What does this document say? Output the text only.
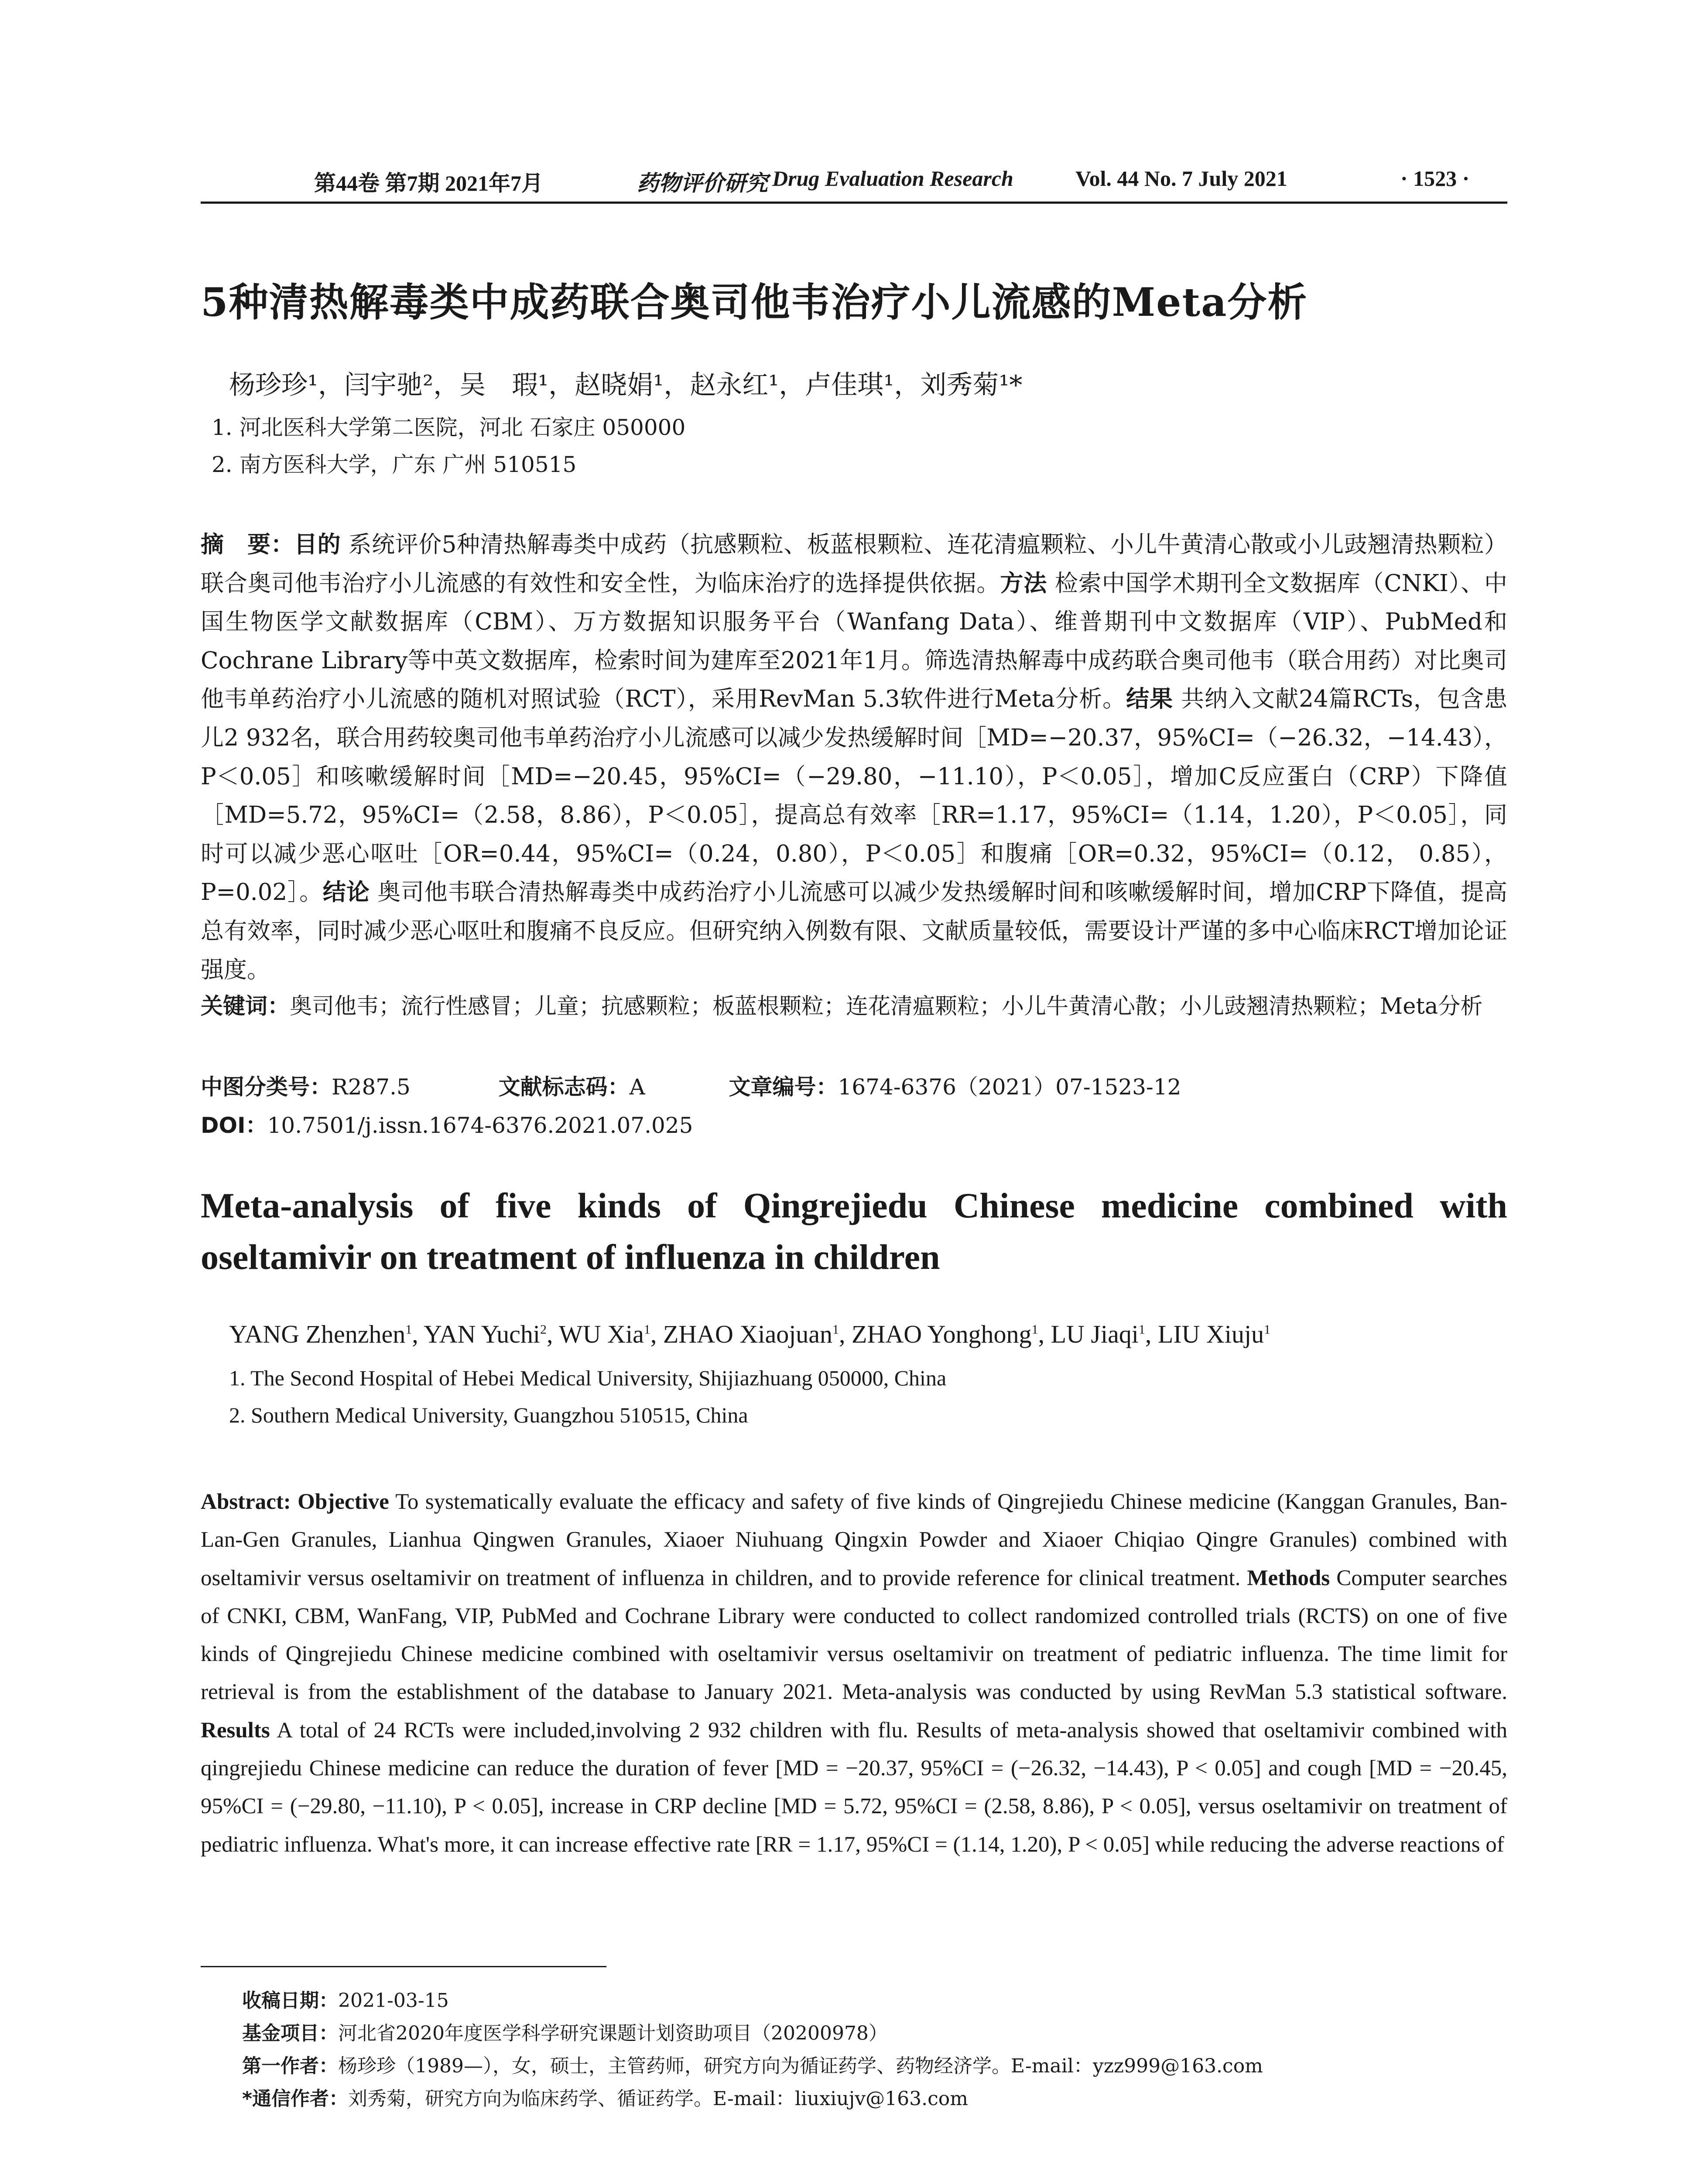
第44卷 第7期 2021年7月	药物评价研究 Drug Evaluation Research	Vol. 44 No. 7 July 2021	· 1523 ·
5种清热解毒类中成药联合奥司他韦治疗小儿流感的Meta分析
杨珍珍¹，闫宇驰²，吴　瑕¹，赵晓娟¹，赵永红¹，卢佳琪¹，刘秀菊¹*
1. 河北医科大学第二医院，河北 石家庄 050000
2. 南方医科大学，广东 广州 510515
摘　要：目的 系统评价5种清热解毒类中成药（抗感颗粒、板蓝根颗粒、连花清瘟颗粒、小儿牛黄清心散或小儿豉翘清热颗粒）联合奥司他韦治疗小儿流感的有效性和安全性，为临床治疗的选择提供依据。方法 检索中国学术期刊全文数据库（CNKI）、中国生物医学文献数据库（CBM）、万方数据知识服务平台（Wanfang Data）、维普期刊中文数据库（VIP）、PubMed和Cochrane Library等中英文数据库，检索时间为建库至2021年1月。筛选清热解毒中成药联合奥司他韦（联合用药）对比奥司他韦单药治疗小儿流感的随机对照试验（RCT），采用RevMan 5.3软件进行Meta分析。结果 共纳入文献24篇RCTs，包含患儿2 932名，联合用药较奥司他韦单药治疗小儿流感可以减少发热缓解时间［MD=−20.37，95%CI=（−26.32，−14.43），P＜0.05］和咳嗽缓解时间［MD=−20.45，95%CI=（−29.80，−11.10），P＜0.05］，增加C反应蛋白（CRP）下降值［MD=5.72，95%CI=（2.58，8.86），P＜0.05］，提高总有效率［RR=1.17，95%CI=（1.14，1.20），P＜0.05］，同时可以减少恶心呕吐［OR=0.44，95%CI=（0.24，0.80），P＜0.05］和腹痛［OR=0.32，95%CI=（0.12， 0.85），P=0.02］。结论 奥司他韦联合清热解毒类中成药治疗小儿流感可以减少发热缓解时间和咳嗽缓解时间，增加CRP下降值，提高总有效率，同时减少恶心呕吐和腹痛不良反应。但研究纳入例数有限、文献质量较低，需要设计严谨的多中心临床RCT增加论证强度。
关键词：奥司他韦；流行性感冒；儿童；抗感颗粒；板蓝根颗粒；连花清瘟颗粒；小儿牛黄清心散；小儿豉翘清热颗粒；Meta分析
中图分类号：R287.5	文献标志码：A	文章编号：1674-6376（2021）07-1523-12
DOI：10.7501/j.issn.1674-6376.2021.07.025
Meta-analysis of five kinds of Qingrejiedu Chinese medicine combined with oseltamivir on treatment of influenza in children
YANG Zhenzhen$^1$, YAN Yuchi$^2$, WU Xia$^1$, ZHAO Xiaojuan$^1$, ZHAO Yonghong$^1$, LU Jiaqi$^1$, LIU Xiuju$^1$
1. The Second Hospital of Hebei Medical University, Shijiazhuang 050000, China
2. Southern Medical University, Guangzhou 510515, China
Abstract: Objective To systematically evaluate the efficacy and safety of five kinds of Qingrejiedu Chinese medicine (Kanggan Granules, Ban-Lan-Gen Granules, Lianhua Qingwen Granules, Xiaoer Niuhuang Qingxin Powder and Xiaoer Chiqiao Qingre Granules) combined with oseltamivir versus oseltamivir on treatment of influenza in children, and to provide reference for clinical treatment. Methods Computer searches of CNKI, CBM, WanFang, VIP, PubMed and Cochrane Library were conducted to collect randomized controlled trials (RCTS) on one of five kinds of Qingrejiedu Chinese medicine combined with oseltamivir versus oseltamivir on treatment of pediatric influenza. The time limit for retrieval is from the establishment of the database to January 2021. Meta-analysis was conducted by using RevMan 5.3 statistical software. Results A total of 24 RCTs were included,involving 2 932 children with flu. Results of meta-analysis showed that oseltamivir combined with qingrejiedu Chinese medicine can reduce the duration of fever [MD = −20.37, 95%CI = (−26.32, −14.43), P < 0.05] and cough [MD = −20.45, 95%CI = (−29.80, −11.10), P < 0.05], increase in CRP decline [MD = 5.72, 95%CI = (2.58, 8.86), P < 0.05], versus oseltamivir on treatment of pediatric influenza. What's more, it can increase effective rate [RR = 1.17, 95%CI = (1.14, 1.20), P < 0.05] while reducing the adverse reactions of
收稿日期：2021-03-15
基金项目：河北省2020年度医学科学研究课题计划资助项目（20200978）
第一作者：杨珍珍（1989—），女，硕士，主管药师，研究方向为循证药学、药物经济学。E-mail：yzz999@163.com
*通信作者：刘秀菊，研究方向为临床药学、循证药学。E-mail：liuxiujv@163.com
